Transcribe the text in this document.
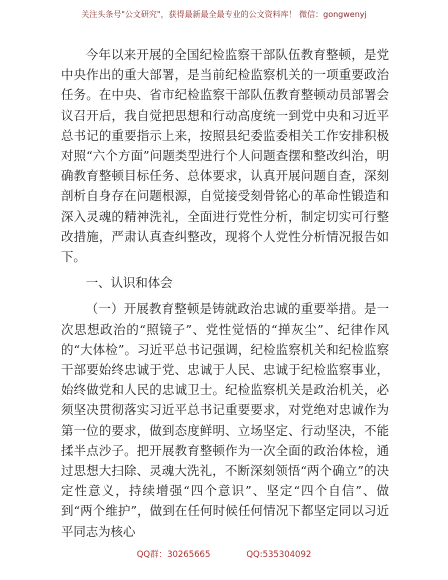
关注头条号"公文研究"，获得最新最全最专业的公文资料库！ 微信：gongwenyj

今年以来开展的全国纪检监察干部队伍教育整顿，是党中央作出的重大部署，是当前纪检监察机关的一项重要政治任务。在中央、省市纪检监察干部队伍教育整顿动员部署会议召开后，我自觉把思想和行动高度统一到党中央和习近平总书记的重要指示上来，按照县纪委监委相关工作安排积极对照“六个方面”问题类型进行个人问题查摆和整改纠治，明确教育整顿目标任务、总体要求，认真开展问题自查，深刻剖析自身存在问题根源，自觉接受刻骨铭心的革命性锻造和深入灵魂的精神洗礼，全面进行党性分析，制定切实可行整改措施，严肃认真查纠整改，现将个人党性分析情况报告如下。

一、认识和体会

（一）开展教育整顿是铸就政治忠诚的重要举措。是一次思想政治的“照镜子”、党性觉悟的“掸灰尘”、纪律作风的“大体检”。习近平总书记强调，纪检监察机关和纪检监察干部要始终忠诚于党、忠诚于人民、忠诚于纪检监察事业，始终做党和人民的忠诚卫士。纪检监察机关是政治机关，必须坚决贯彻落实习近平总书记重要要求，对党绝对忠诚作为第一位的要求，做到态度鲜明、立场坚定、行动坚决，不能揉半点沙子。把开展教育整顿作为一次全面的政治体检，通过思想大扫除、灵魂大洗礼，不断深刻领悟“两个确立”的决定性意义，持续增强“四个意识”、坚定“四个自信”、做到“两个维护”，做到在任何时候任何情况下都坚定同以习近平同志为核心

QQ群：30265665	QQ:535304092
